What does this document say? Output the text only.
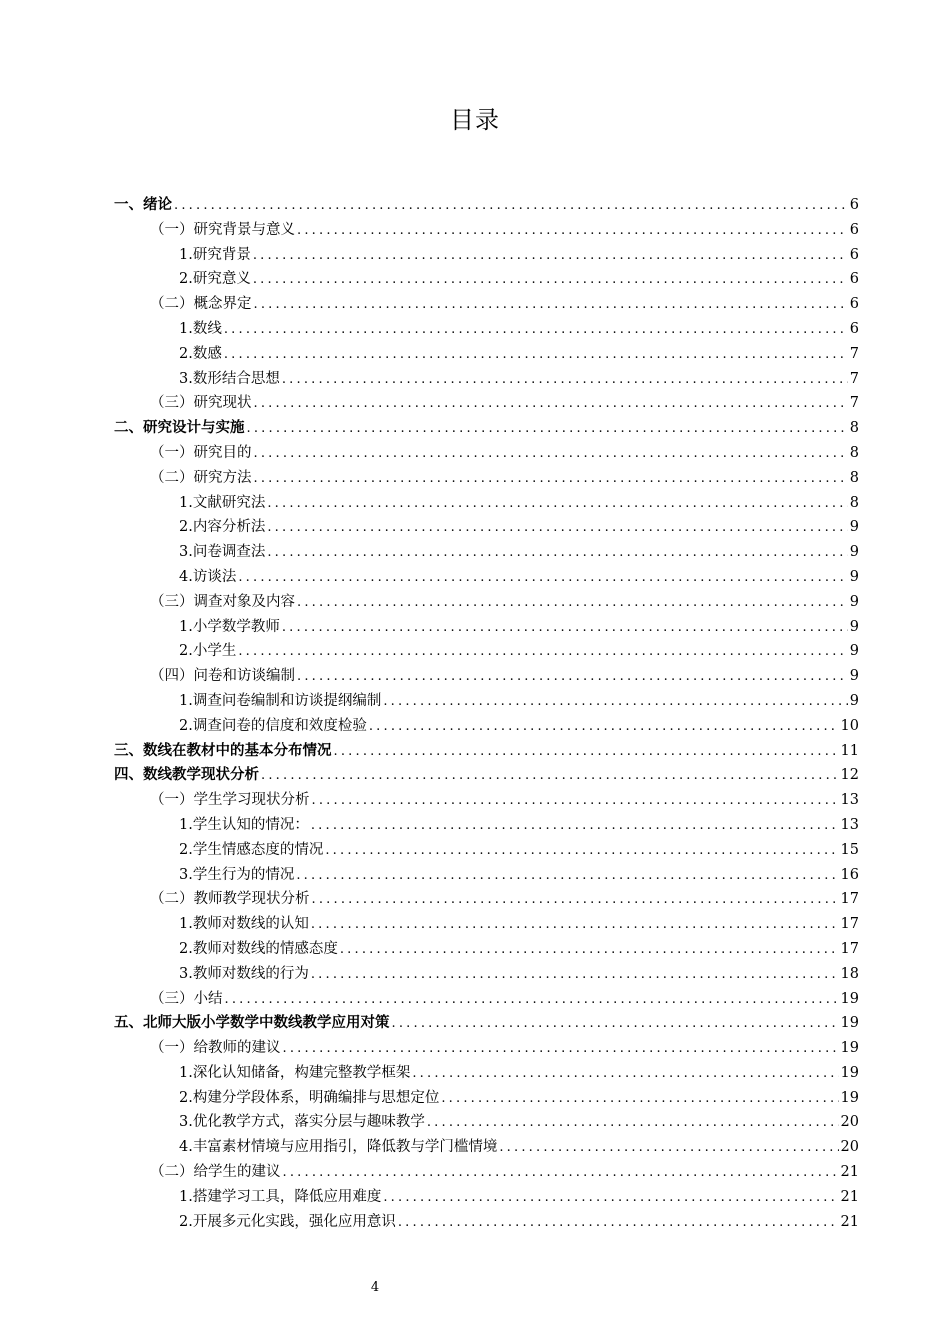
目录
一、绪论 .....	6
（一）研究背景与意义 .....	6
1.研究背景 .....	6
2.研究意义 .....	6
（二）概念界定 .....	6
1.数线 .....	6
2.数感 .....	7
3.数形结合思想 .....	7
（三）研究现状 .....	7
二、研究设计与实施 .....	8
（一）研究目的 .....	8
（二）研究方法 .....	8
1.文献研究法 .....	8
2.内容分析法 .....	9
3.问卷调查法 .....	9
4.访谈法 .....	9
（三）调查对象及内容 .....	9
1.小学数学教师 .....	9
2.小学生 .....	9
（四）问卷和访谈编制 .....	9
1.调查问卷编制和访谈提纲编制 .....	9
2.调查问卷的信度和效度检验 .....	10
三、数线在教材中的基本分布情况 .....	11
四、数线教学现状分析 .....	12
（一）学生学习现状分析 .....	13
1.学生认知的情况： .....	13
2.学生情感态度的情况 .....	15
3.学生行为的情况 .....	16
（二）教师教学现状分析 .....	17
1.教师对数线的认知 .....	17
2.教师对数线的情感态度 .....	17
3.教师对数线的行为 .....	18
（三）小结 .....	19
五、北师大版小学数学中数线教学应用对策 .....	19
（一）给教师的建议 .....	19
1.深化认知储备，构建完整教学框架 .....	19
2.构建分学段体系，明确编排与思想定位 .....	19
3.优化教学方式，落实分层与趣味教学 .....	20
4.丰富素材情境与应用指引，降低教与学门槛情境 .....	20
（二）给学生的建议 .....	21
1.搭建学习工具，降低应用难度 .....	21
2.开展多元化实践，强化应用意识 .....	21
4
